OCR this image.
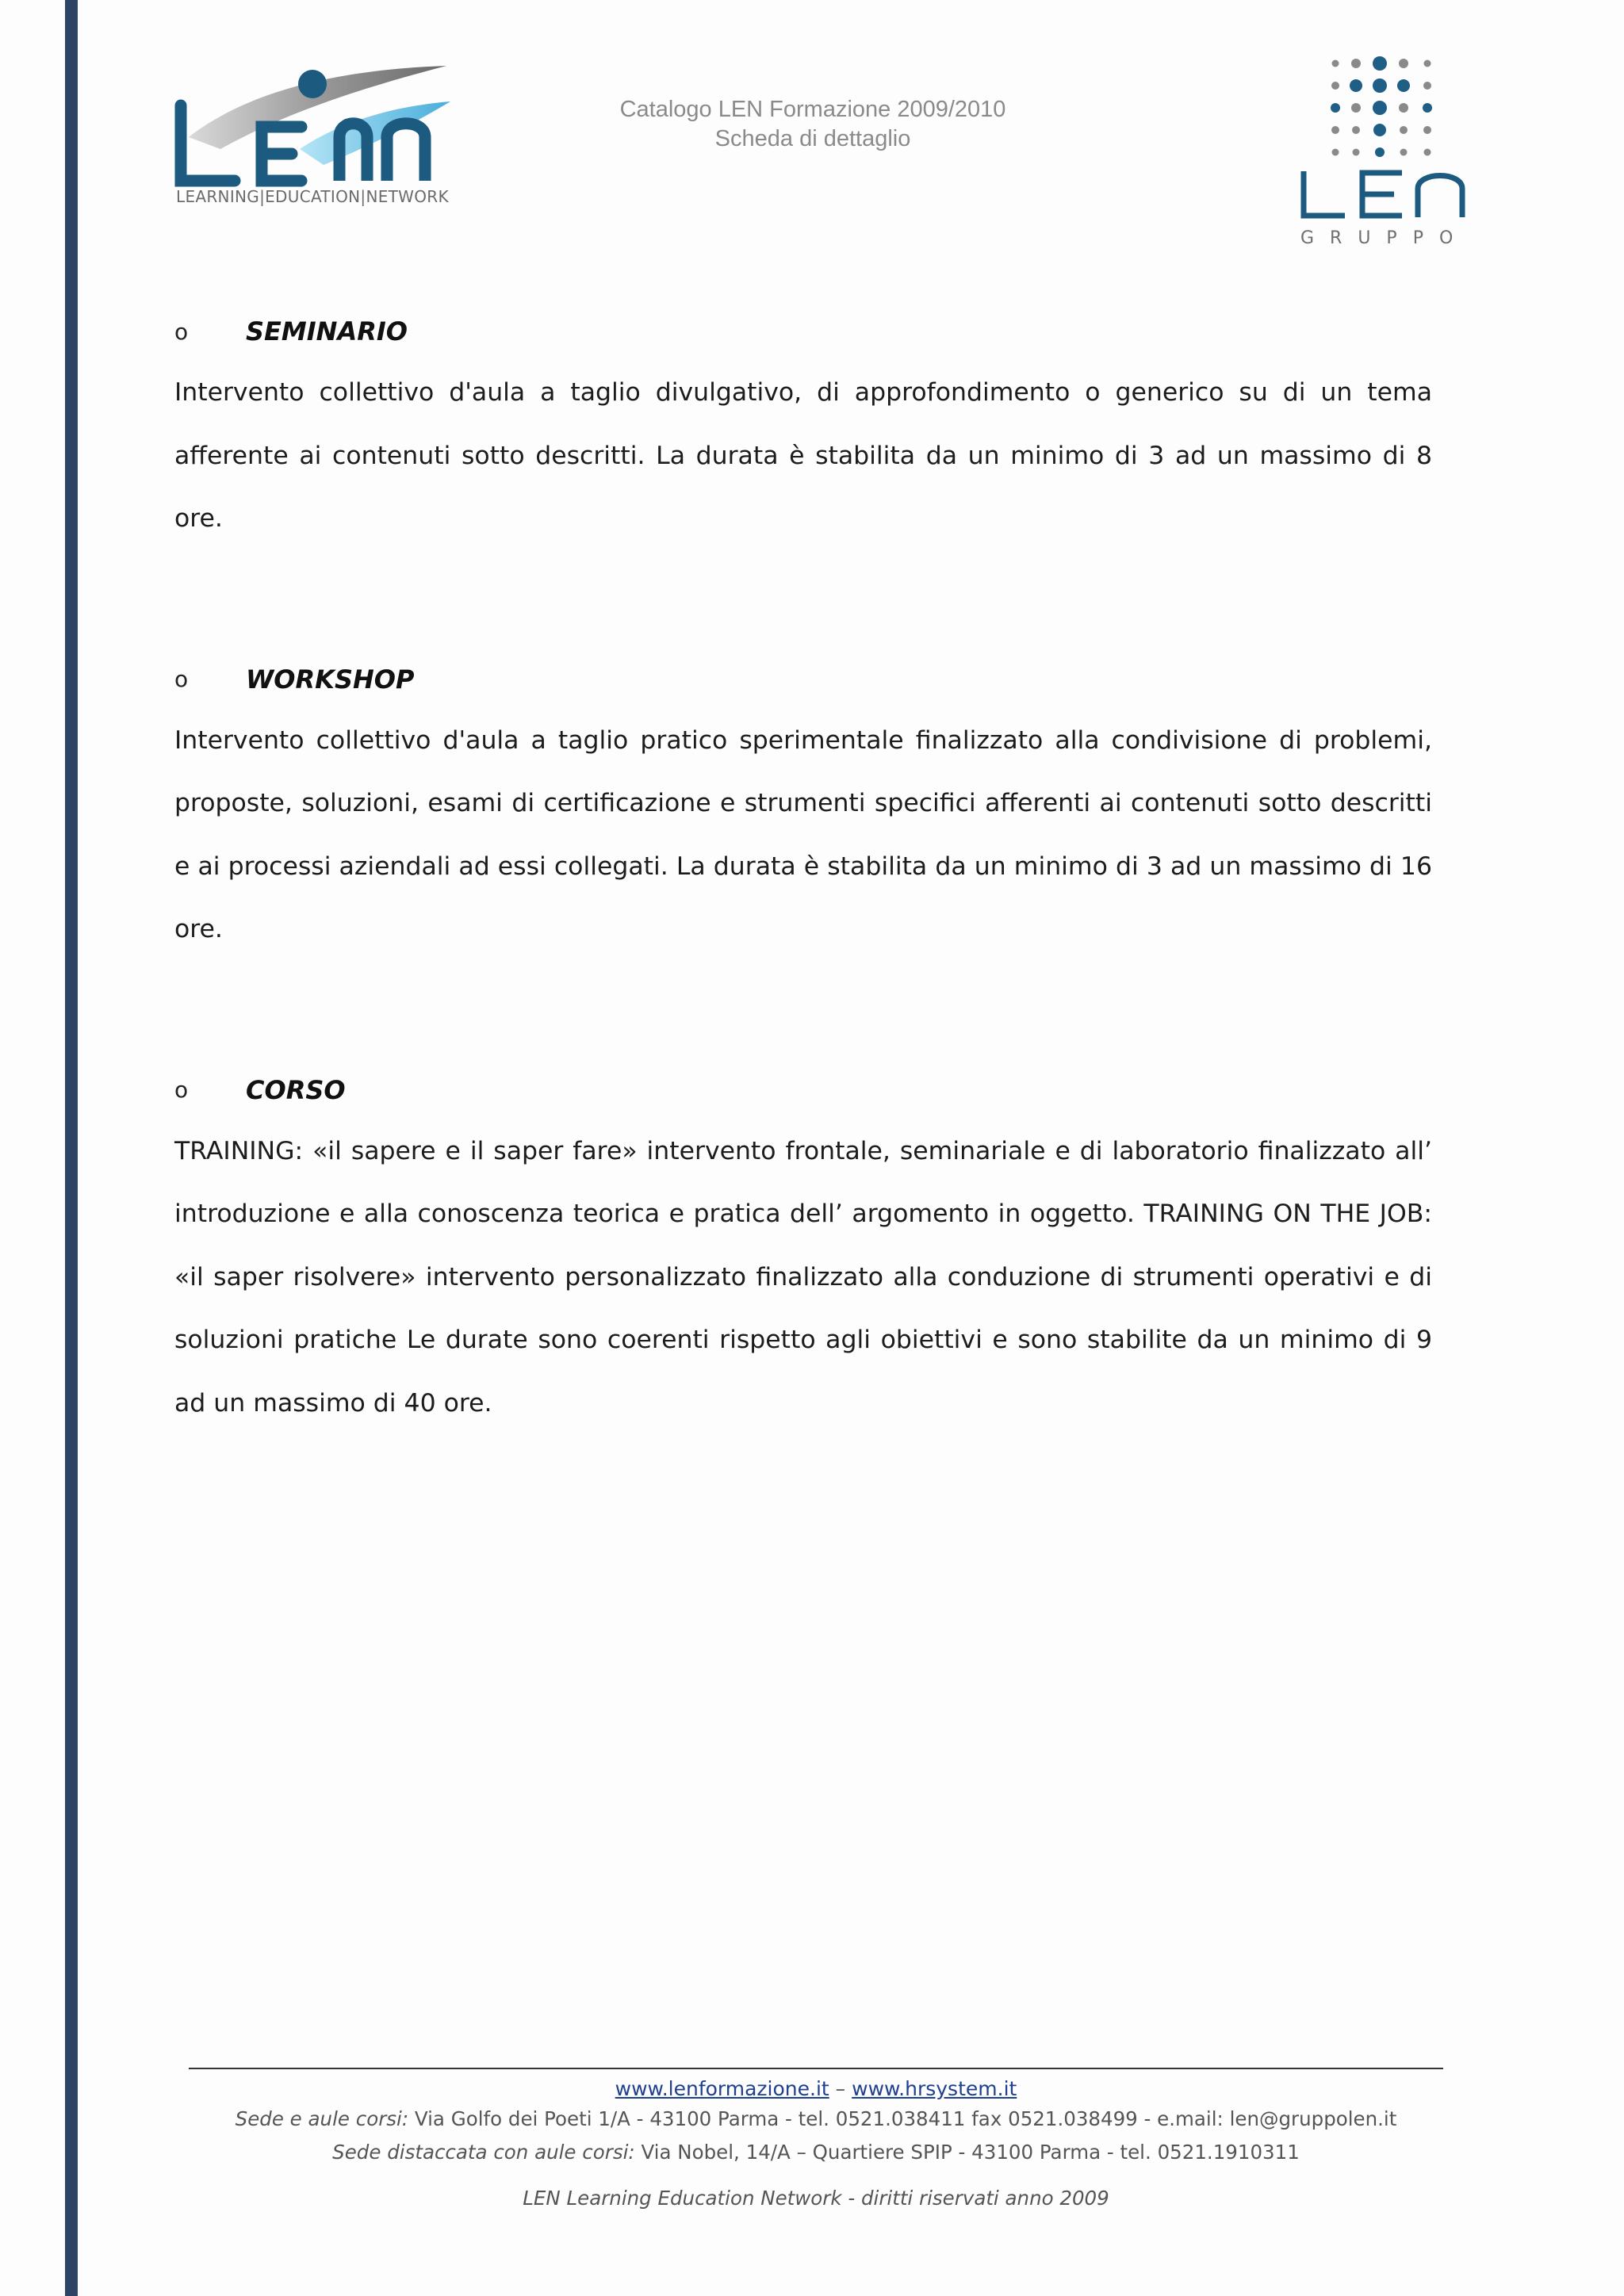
LEARNING|EDUCATION|NETWORK
Catalogo LEN Formazione 2009/2010
Scheda di dettaglio
GRUPPO
o	SEMINARIO

Intervento collettivo d'aula a taglio divulgativo, di approfondimento o generico su di un tema afferente ai contenuti sotto descritti. La durata è stabilita da un minimo di 3 ad un massimo di 8 ore.

o	WORKSHOP

Intervento collettivo d'aula a taglio pratico sperimentale finalizzato alla condivisione di problemi, proposte, soluzioni, esami di certificazione e strumenti specifici afferenti ai contenuti sotto descritti e ai processi aziendali ad essi collegati. La durata è stabilita da un minimo di 3 ad un massimo di 16 ore.

o	CORSO

TRAINING: «il sapere e il saper fare» intervento frontale, seminariale e di laboratorio finalizzato all’ introduzione e alla conoscenza teorica e pratica dell’ argomento in oggetto. TRAINING ON THE JOB: «il saper risolvere» intervento personalizzato finalizzato alla conduzione di strumenti operativi e di soluzioni pratiche Le durate sono coerenti rispetto agli obiettivi e sono stabilite da un minimo di 9 ad un massimo di 40 ore.

www.lenformazione.it – www.hrsystem.it
Sede e aule corsi: Via Golfo dei Poeti 1/A - 43100 Parma - tel. 0521.038411 fax 0521.038499 - e.mail: len@gruppolen.it
Sede distaccata con aule corsi: Via Nobel, 14/A – Quartiere SPIP - 43100 Parma - tel. 0521.1910311
LEN Learning Education Network - diritti riservati anno 2009
